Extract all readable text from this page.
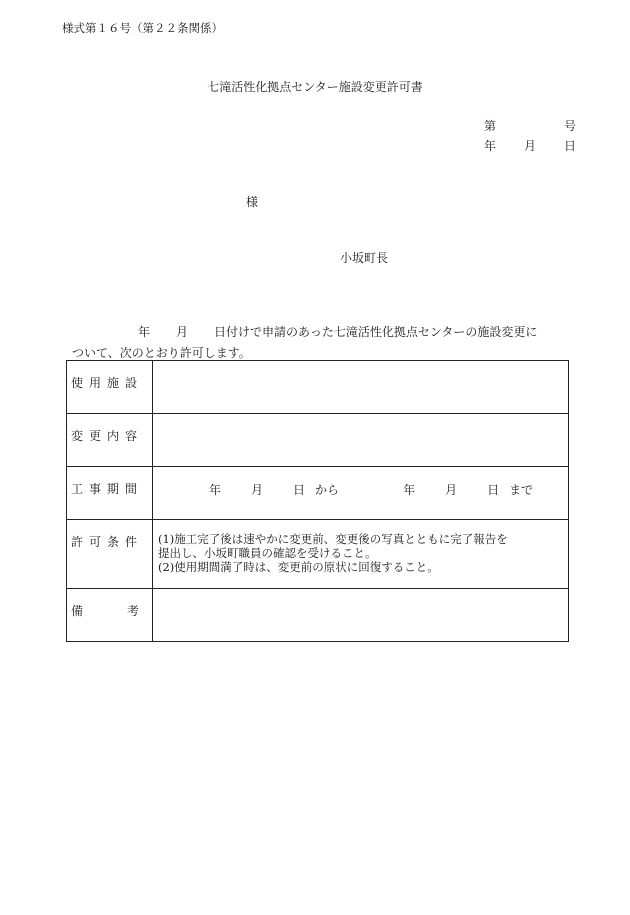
様式第１６号（第２２条関係）
七滝活性化拠点センター施設変更許可書
第	号
年 月 日
様
小坂町長
年 月 日付けで申請のあった七滝活性化拠点センターの施設変更に
ついて、次のとおり許可します。
使用施設	
変更内容	
工事期間	年 月 日 から 年 月 日 まで

許可条件	(1)施工完了後は速やかに変更前、変更後の写真とともに完了報告を
提出し、小坂町職員の確認を受けること。
(2)使用期間満了時は、変更前の原状に回復すること。

備 考	
